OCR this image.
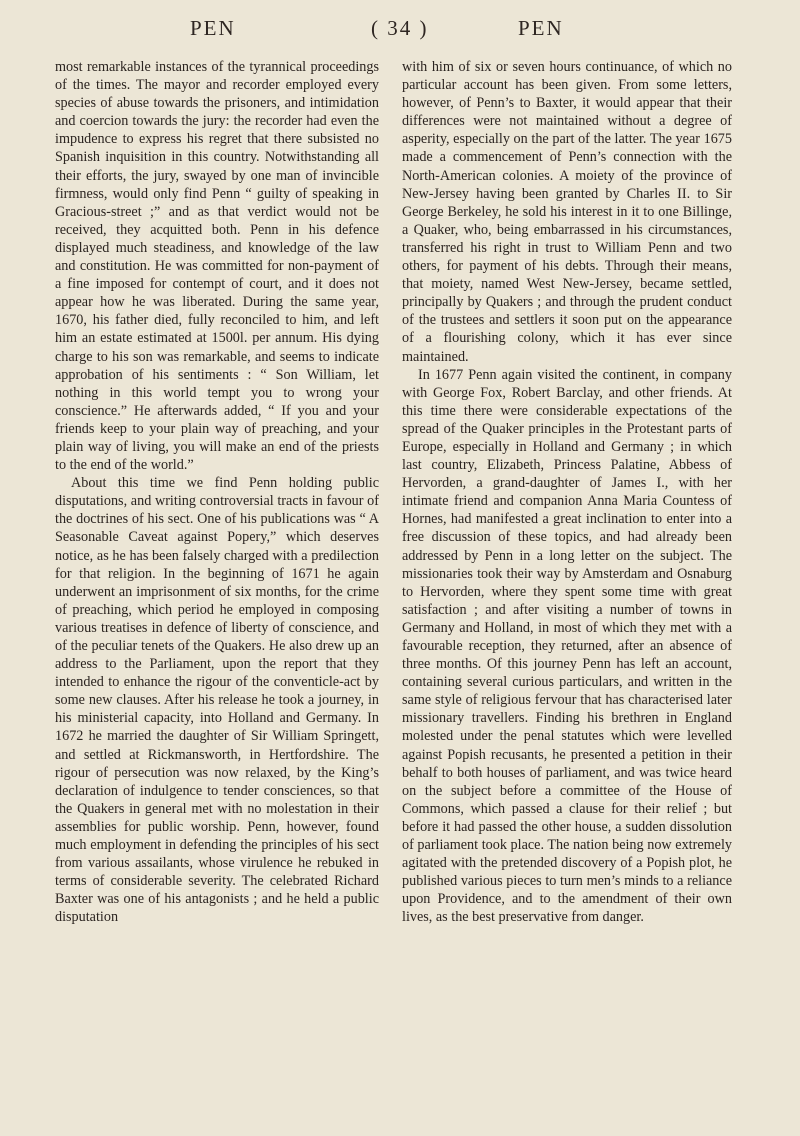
PEN	( 34 )	PEN

most remarkable instances of the tyrannical proceedings of the times. The mayor and recorder employed every species of abuse towards the prisoners, and intimidation and coercion towards the jury: the recorder had even the impudence to express his regret that there subsisted no Spanish inquisition in this country. Notwithstanding all their efforts, the jury, swayed by one man of invincible firmness, would only find Penn “ guilty of speaking in Gracious-street ;” and as that verdict would not be received, they acquitted both. Penn in his defence displayed much steadiness, and knowledge of the law and constitution. He was committed for non-payment of a fine imposed for contempt of court, and it does not appear how he was liberated. During the same year, 1670, his father died, fully reconciled to him, and left him an estate estimated at 1500l. per annum. His dying charge to his son was remarkable, and seems to indicate approbation of his sentiments : “ Son William, let nothing in this world tempt you to wrong your conscience.” He afterwards added, “ If you and your friends keep to your plain way of preaching, and your plain way of living, you will make an end of the priests to the end of the world.”

About this time we find Penn holding public disputations, and writing controversial tracts in favour of the doctrines of his sect. One of his publications was “ A Seasonable Caveat against Popery,” which deserves notice, as he has been falsely charged with a predilection for that religion. In the beginning of 1671 he again underwent an imprisonment of six months, for the crime of preaching, which period he employed in composing various treatises in defence of liberty of conscience, and of the peculiar tenets of the Quakers. He also drew up an address to the Parliament, upon the report that they intended to enhance the rigour of the conventicle-act by some new clauses. After his release he took a journey, in his ministerial capacity, into Holland and Germany. In 1672 he married the daughter of Sir William Springett, and settled at Rickmansworth, in Hertfordshire. The rigour of persecution was now relaxed, by the King’s declaration of indulgence to tender consciences, so that the Quakers in general met with no molestation in their assemblies for public worship. Penn, however, found much employment in defending the principles of his sect from various assailants, whose virulence he rebuked in terms of considerable severity. The celebrated Richard Baxter was one of his antagonists ; and he held a public disputation

with him of six or seven hours continuance, of which no particular account has been given. From some letters, however, of Penn’s to Baxter, it would appear that their differences were not maintained without a degree of asperity, especially on the part of the latter. The year 1675 made a commencement of Penn’s connection with the North-American colonies. A moiety of the province of New-Jersey having been granted by Charles II. to Sir George Berkeley, he sold his interest in it to one Billinge, a Quaker, who, being embarrassed in his circumstances, transferred his right in trust to William Penn and two others, for payment of his debts. Through their means, that moiety, named West New-Jersey, became settled, principally by Quakers ; and through the prudent conduct of the trustees and settlers it soon put on the appearance of a flourishing colony, which it has ever since maintained.

In 1677 Penn again visited the continent, in company with George Fox, Robert Barclay, and other friends. At this time there were considerable expectations of the spread of the Quaker principles in the Protestant parts of Europe, especially in Holland and Germany ; in which last country, Elizabeth, Princess Palatine, Abbess of Hervorden, a grand-daughter of James I., with her intimate friend and companion Anna Maria Countess of Hornes, had manifested a great inclination to enter into a free discussion of these topics, and had already been addressed by Penn in a long letter on the subject. The missionaries took their way by Amsterdam and Osnaburg to Hervorden, where they spent some time with great satisfaction ; and after visiting a number of towns in Germany and Holland, in most of which they met with a favourable reception, they returned, after an absence of three months. Of this journey Penn has left an account, containing several curious particulars, and written in the same style of religious fervour that has characterised later missionary travellers. Finding his brethren in England molested under the penal statutes which were levelled against Popish recusants, he presented a petition in their behalf to both houses of parliament, and was twice heard on the subject before a committee of the House of Commons, which passed a clause for their relief ; but before it had passed the other house, a sudden dissolution of parliament took place. The nation being now extremely agitated with the pretended discovery of a Popish plot, he published various pieces to turn men’s minds to a reliance upon Providence, and to the amendment of their own lives, as the best preservative from danger.
